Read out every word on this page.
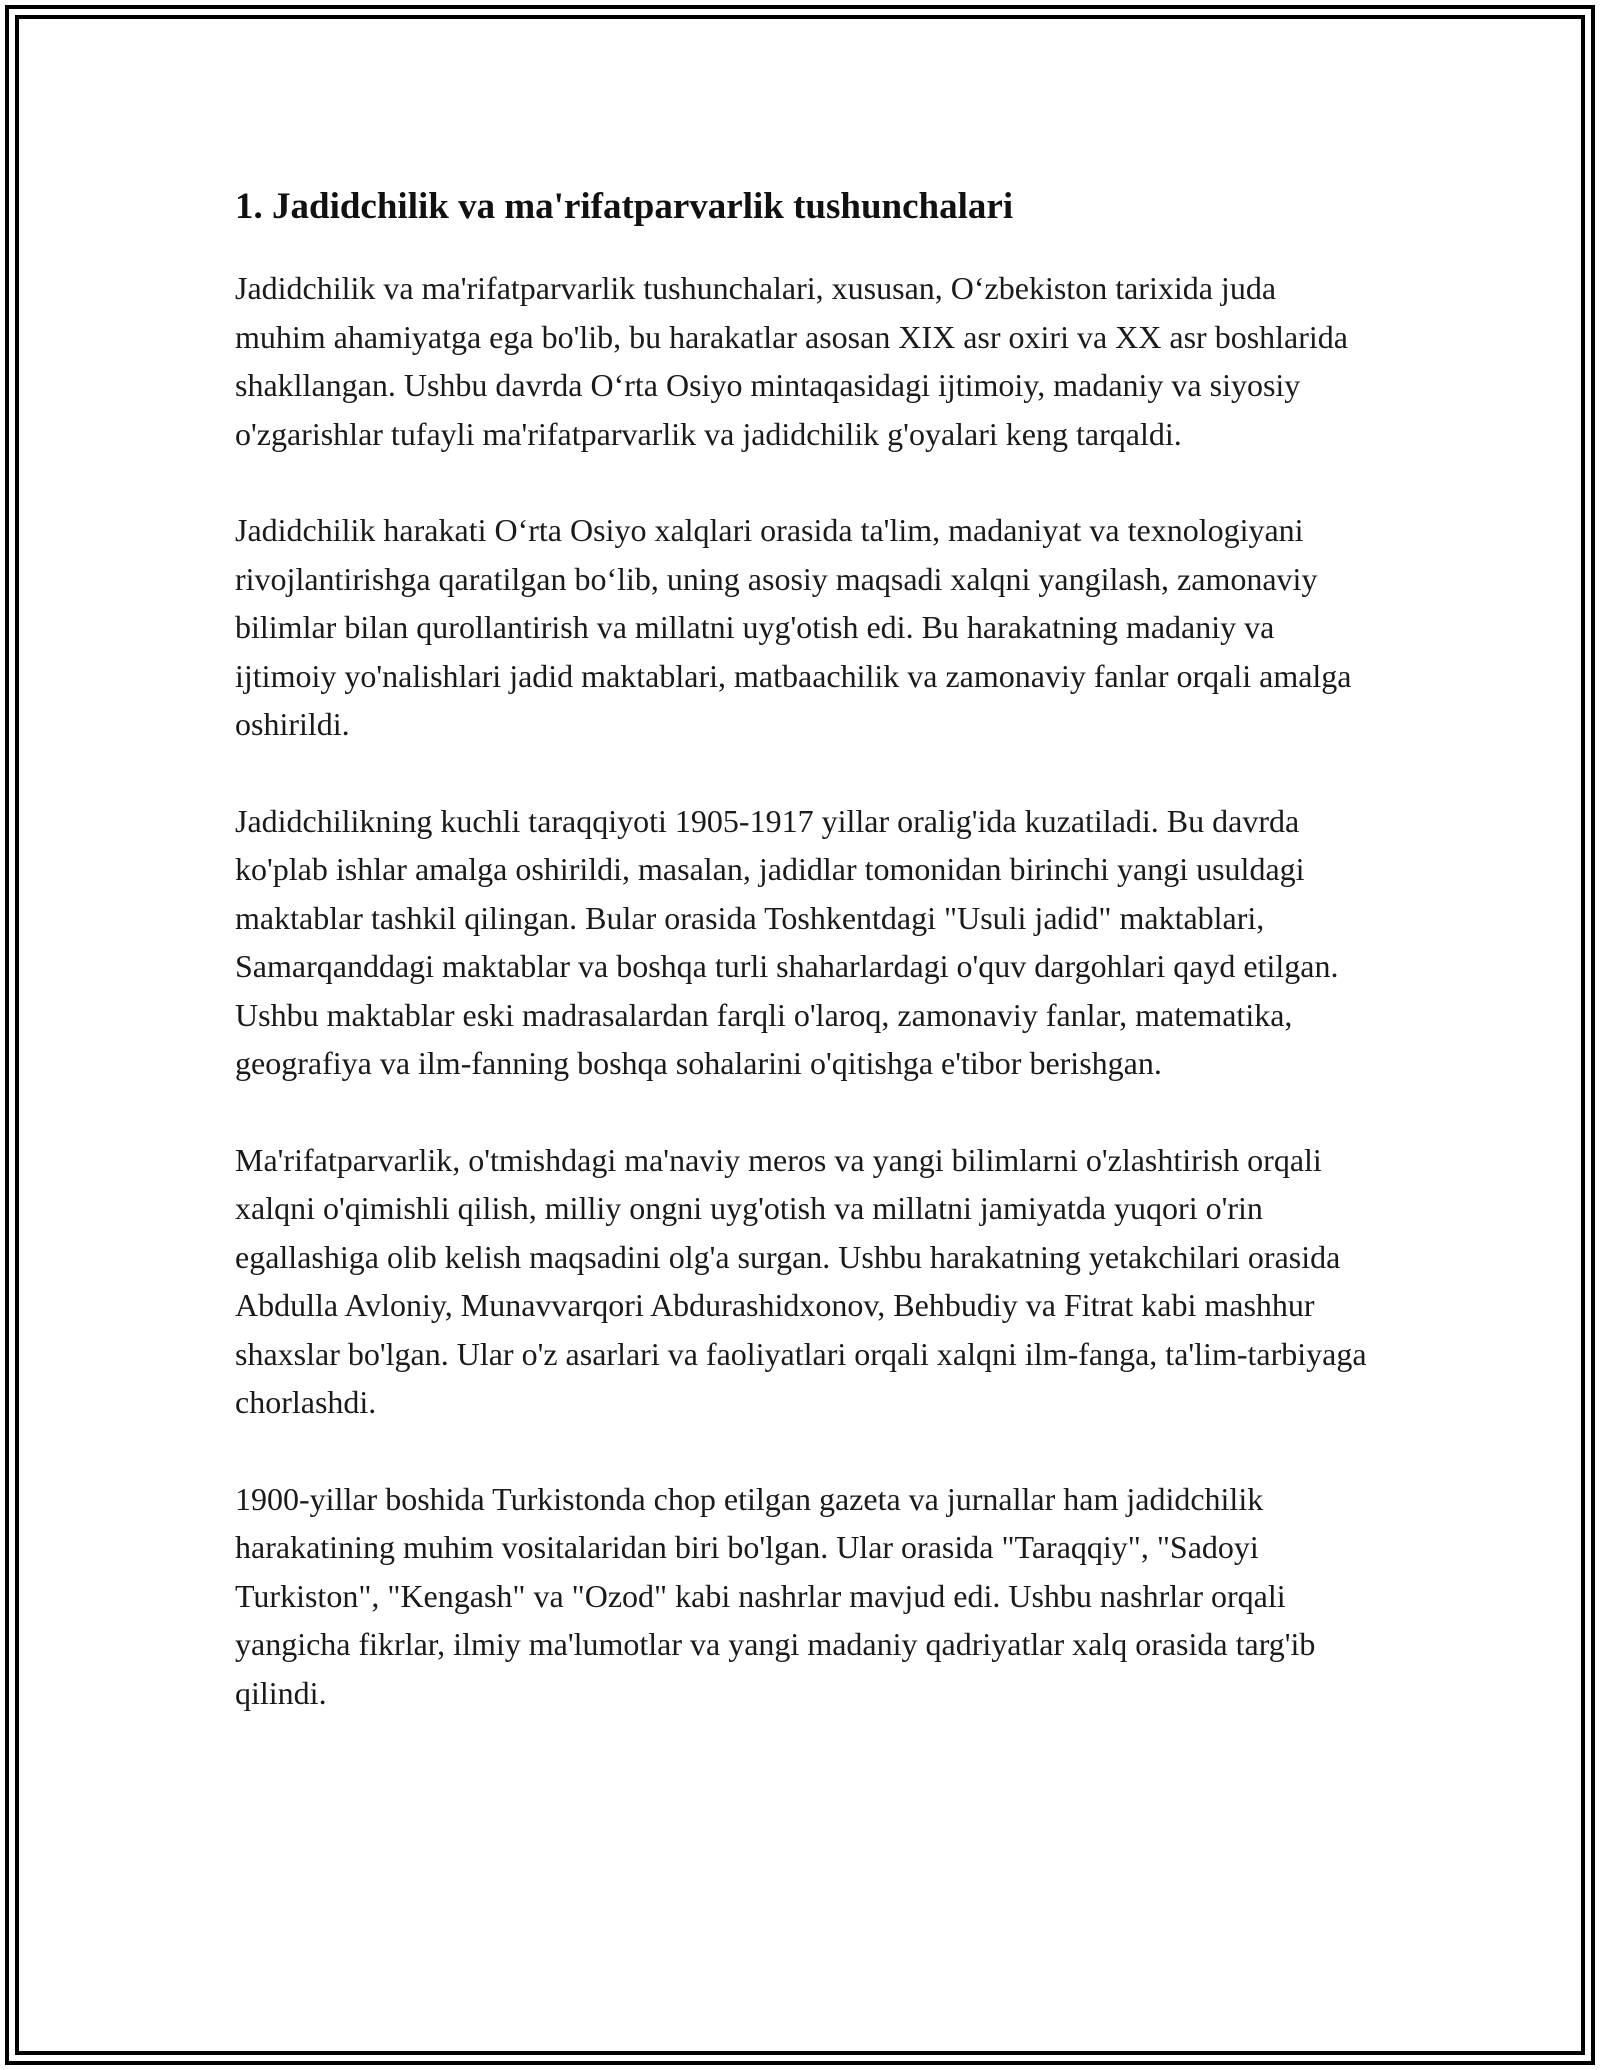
1. Jadidchilik va ma'rifatparvarlik tushunchalari

Jadidchilik va ma'rifatparvarlik tushunchalari, xususan, O‘zbekiston tarixida juda muhim ahamiyatga ega bo'lib, bu harakatlar asosan XIX asr oxiri va XX asr boshlarida shakllangan. Ushbu davrda O‘rta Osiyo mintaqasidagi ijtimoiy, madaniy va siyosiy o'zgarishlar tufayli ma'rifatparvarlik va jadidchilik g'oyalari keng tarqaldi.

Jadidchilik harakati O‘rta Osiyo xalqlari orasida ta'lim, madaniyat va texnologiyani rivojlantirishga qaratilgan bo‘lib, uning asosiy maqsadi xalqni yangilash, zamonaviy bilimlar bilan qurollantirish va millatni uyg'otish edi. Bu harakatning madaniy va ijtimoiy yo'nalishlari jadid maktablari, matbaachilik va zamonaviy fanlar orqali amalga oshirildi.

Jadidchilikning kuchli taraqqiyoti 1905-1917 yillar oralig'ida kuzatiladi. Bu davrda ko'plab ishlar amalga oshirildi, masalan, jadidlar tomonidan birinchi yangi usuldagi maktablar tashkil qilingan. Bular orasida Toshkentdagi "Usuli jadid" maktablari, Samarqanddagi maktablar va boshqa turli shaharlardagi o'quv dargohlari qayd etilgan. Ushbu maktablar eski madrasalardan farqli o'laroq, zamonaviy fanlar, matematika, geografiya va ilm-fanning boshqa sohalarini o'qitishga e'tibor berishgan.

Ma'rifatparvarlik, o'tmishdagi ma'naviy meros va yangi bilimlarni o'zlashtirish orqali xalqni o'qimishli qilish, milliy ongni uyg'otish va millatni jamiyatda yuqori o'rin egallashiga olib kelish maqsadini olg'a surgan. Ushbu harakatning yetakchilari orasida Abdulla Avloniy, Munavvarqori Abdurashidxonov, Behbudiy va Fitrat kabi mashhur shaxslar bo'lgan. Ular o'z asarlari va faoliyatlari orqali xalqni ilm-fanga, ta'lim-tarbiyaga chorlashdi.

1900-yillar boshida Turkistonda chop etilgan gazeta va jurnallar ham jadidchilik harakatining muhim vositalaridan biri bo'lgan. Ular orasida "Taraqqiy", "Sadoyi Turkiston", "Kengash" va "Ozod" kabi nashrlar mavjud edi. Ushbu nashrlar orqali yangicha fikrlar, ilmiy ma'lumotlar va yangi madaniy qadriyatlar xalq orasida targ'ib qilindi.
